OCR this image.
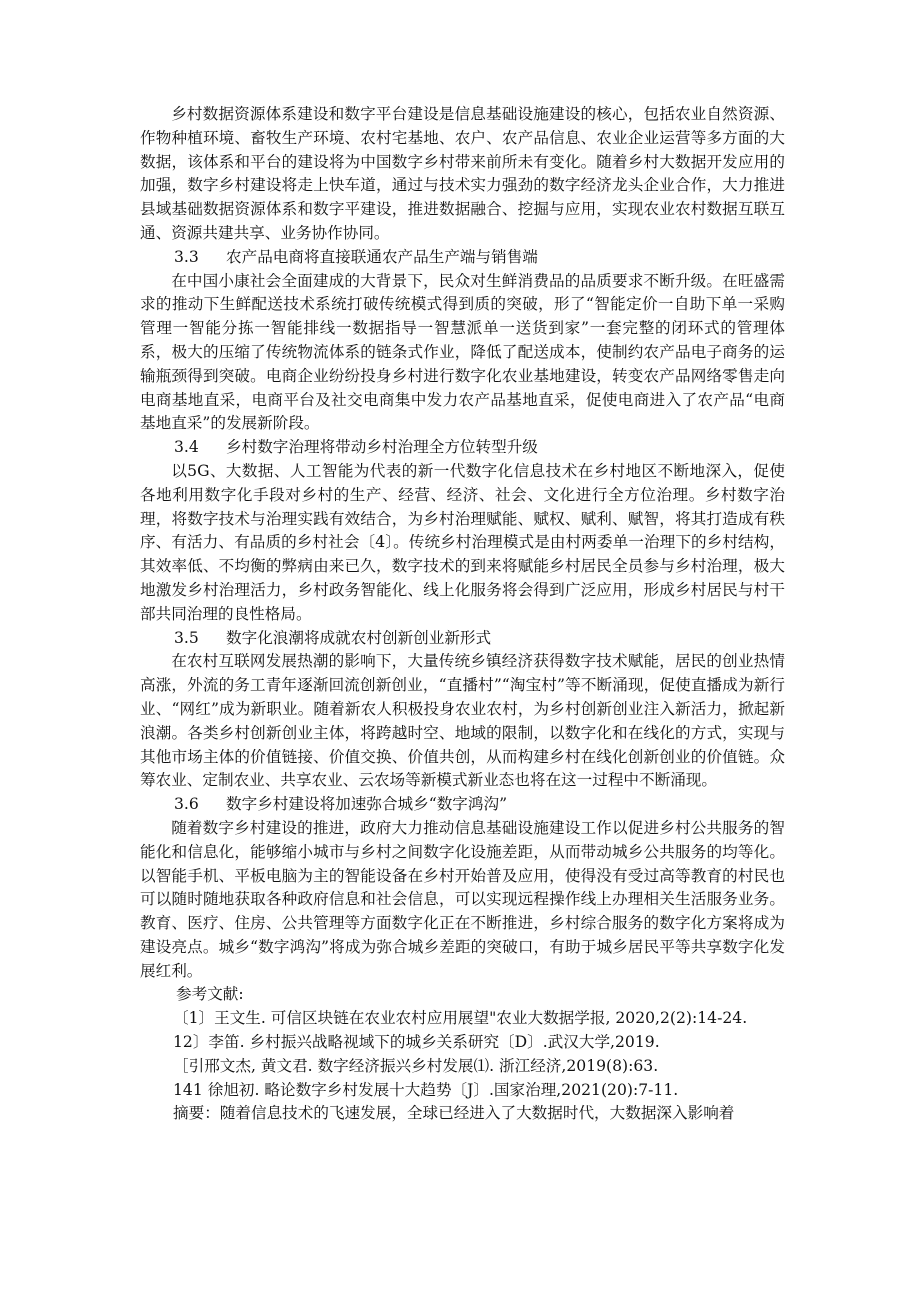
乡村数据资源体系建设和数字平台建设是信息基础设施建设的核心，包括农业自然资源、作物种植环境、畜牧生产环境、农村宅基地、农户、农产品信息、农业企业运营等多方面的大数据，该体系和平台的建设将为中国数字乡村带来前所未有变化。随着乡村大数据开发应用的加强，数字乡村建设将走上快车道，通过与技术实力强劲的数字经济龙头企业合作，大力推进县域基础数据资源体系和数字平建设，推进数据融合、挖掘与应用，实现农业农村数据互联互通、资源共建共享、业务协作协同。

3.3 农产品电商将直接联通农产品生产端与销售端

在中国小康社会全面建成的大背景下，民众对生鲜消费品的品质要求不断升级。在旺盛需求的推动下生鲜配送技术系统打破传统模式得到质的突破，形了“智能定价一自助下单一采购管理一智能分拣一智能排线一数据指导一智慧派单一送货到家”一套完整的闭环式的管理体系，极大的压缩了传统物流体系的链条式作业，降低了配送成本，使制约农产品电子商务的运输瓶颈得到突破。电商企业纷纷投身乡村进行数字化农业基地建设，转变农产品网络零售走向电商基地直采，电商平台及社交电商集中发力农产品基地直采，促使电商进入了农产品“电商基地直采”的发展新阶段。

3.4 乡村数字治理将带动乡村治理全方位转型升级

以5G、大数据、人工智能为代表的新一代数字化信息技术在乡村地区不断地深入，促使各地利用数字化手段对乡村的生产、经营、经济、社会、文化进行全方位治理。乡村数字治理，将数字技术与治理实践有效结合，为乡村治理赋能、赋权、赋利、赋智，将其打造成有秩序、有活力、有品质的乡村社会〔4〕。传统乡村治理模式是由村两委单一治理下的乡村结构，其效率低、不均衡的弊病由来已久，数字技术的到来将赋能乡村居民全员参与乡村治理，极大地激发乡村治理活力，乡村政务智能化、线上化服务将会得到广泛应用，形成乡村居民与村干部共同治理的良性格局。

3.5 数字化浪潮将成就农村创新创业新形式

在农村互联网发展热潮的影响下，大量传统乡镇经济获得数字技术赋能，居民的创业热情高涨，外流的务工青年逐渐回流创新创业，“直播村”“淘宝村”等不断涌现，促使直播成为新行业、“网红”成为新职业。随着新农人积极投身农业农村，为乡村创新创业注入新活力，掀起新浪潮。各类乡村创新创业主体，将跨越时空、地域的限制，以数字化和在线化的方式，实现与其他市场主体的价值链接、价值交换、价值共创，从而构建乡村在线化创新创业的价值链。众筹农业、定制农业、共享农业、云农场等新模式新业态也将在这一过程中不断涌现。

3.6 数字乡村建设将加速弥合城乡“数字鸿沟”

随着数字乡村建设的推进，政府大力推动信息基础设施建设工作以促进乡村公共服务的智能化和信息化，能够缩小城市与乡村之间数字化设施差距，从而带动城乡公共服务的均等化。以智能手机、平板电脑为主的智能设备在乡村开始普及应用，使得没有受过高等教育的村民也可以随时随地获取各种政府信息和社会信息，可以实现远程操作线上办理相关生活服务业务。教育、医疗、住房、公共管理等方面数字化正在不断推进，乡村综合服务的数字化方案将成为建设亮点。城乡“数字鸿沟”将成为弥合城乡差距的突破口，有助于城乡居民平等共享数字化发展红利。

参考文献:

〔1〕王文生. 可信区块链在农业农村应用展望"农业大数据学报, 2020,2(2):14-24.

12〕李笛. 乡村振兴战略视域下的城乡关系研究〔D〕.武汉大学,2019.

［引邢文杰, 黄文君. 数字经济振兴乡村发展⑴. 浙江经济,2019(8):63.

141 徐旭初. 略论数字乡村发展十大趋势〔J〕.国家治理,2021(20):7-11.

摘要：随着信息技术的飞速发展，全球已经进入了大数据时代，大数据深入影响着
